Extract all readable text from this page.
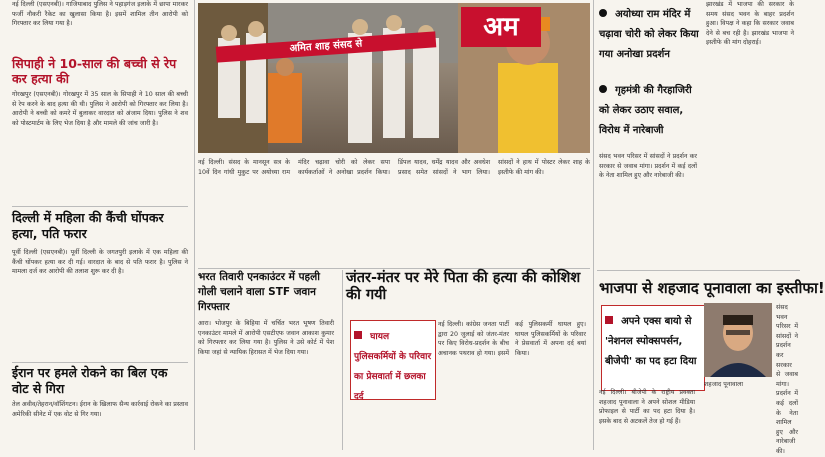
नई दिल्ली (एसएनबी)। गाजियाबाद पुलिस ने पहाड़गंज इलाके में छापा मारकर फर्जी नौकरी रैकेट का खुलासा किया है। इसमें शामिल तीन आरोपी को गिरफ्तार कर लिया गया है।

सिपाही ने 10-साल की बच्ची से रेप कर हत्या की

गोरखपुर (एसएनबी)। गोरखपुर में 35 साल के सिपाही ने 10 साल की बच्ची से रेप करने के बाद हत्या की थी। पुलिस ने आरोपी को गिरफ्तार कर लिया है। आरोपी ने बच्ची को कमरे में बुलाकर वारदात को अंजाम दिया। पुलिस ने शव को पोस्टमार्टम के लिए भेज दिया है और मामले की जांच जारी है।

दिल्ली में महिला की कैंची घोंपकर हत्या, पति फरार

पूर्वी दिल्ली (एसएनबी)। पूर्वी दिल्ली के जगतपुरी इलाके में एक महिला की कैंची घोंपकर हत्या कर दी गई। वारदात के बाद से पति फरार है। पुलिस ने मामला दर्ज कर आरोपी की तलाश शुरू कर दी है।

ईरान पर हमले रोकने का बिल एक वोट से गिरा

तेल अवीव/तेहरान/वॉशिंगटन। ईरान के खिलाफ सैन्य कार्रवाई रोकने का प्रस्ताव अमेरिकी सीनेट में एक वोट से गिर गया।

अमित शाह संसद से
अम

नई दिल्ली। संसद के मानसून सत्र के 10वें दिन गांधी मुकुट पर अयोध्या राम मंदिर चढ़ावा चोरी को लेकर सपा कार्यकर्ताओं ने अनोखा प्रदर्शन किया। डिंपल यादव, धर्मेंद्र यादव और अवधेश प्रसाद समेत सांसदों ने भाग लिया। सांसदों ने हाथ में पोस्टर लेकर शाह के इस्तीफे की मांग की।

भरत तिवारी एनकाउंटर में पहली गोली चलाने वाला STF जवान गिरफ्तार

आरा। भोजपुर के बिहिया में चर्चित भरत भूषण तिवारी एनकाउंटर मामले में आरोपी एसटीएफ जवान आकाश कुमार को गिरफ्तार कर लिया गया है। पुलिस ने उसे कोर्ट में पेश किया जहां से न्यायिक हिरासत में भेज दिया गया।

जंतर-मंतर पर मेरे पिता की हत्या की कोशिश की गयी

घायल पुलिसकर्मियों के परिवार का प्रेसवार्ता में छलका दर्द

नई दिल्ली। कांग्रेस जनता पार्टी द्वारा 20 जुलाई को जंतर-मंतर पर किए विरोध-प्रदर्शन के बीच अचानक पथराव हो गया। इसमें कई पुलिसकर्मी घायल हुए। घायल पुलिसकर्मियों के परिवार ने प्रेसवार्ता में अपना दर्द बयां किया।

अयोध्या राम मंदिर में चढ़ावा चोरी को लेकर किया गया अनोखा प्रदर्शन
गृहमंत्री की गैरहाजिरी को लेकर उठाए सवाल, विरोध में नारेबाजी

संसद भवन परिसर में सांसदों ने प्रदर्शन कर सरकार से जवाब मांगा। प्रदर्शन में कई दलों के नेता शामिल हुए और नारेबाजी की।

झारखंड में भाजपा की सरकार के समय संसद भवन के बाहर प्रदर्शन हुआ। विपक्ष ने कहा कि सरकार जवाब देने से बच रही है। झारखंड भाजपा ने इस्तीफे की मांग दोहराई।

भाजपा से शहजाद पूनावाला का इस्तीफा!

अपने एक्स बायो से 'नेशनल स्पोक्सपर्सन, बीजेपी' का पद हटा दिया

संसद भवन परिसर में सांसदों ने प्रदर्शन कर सरकार से जवाब मांगा। प्रदर्शन में कई दलों के नेता शामिल हुए और नारेबाजी की।

नई दिल्ली। बीजेपी के राष्ट्रीय प्रवक्ता शहजाद पूनावाला ने अपने सोशल मीडिया प्रोफाइल से पार्टी का पद हटा दिया है। इसके बाद से अटकलें तेज हो गई हैं।

शहजाद पूनावाला
